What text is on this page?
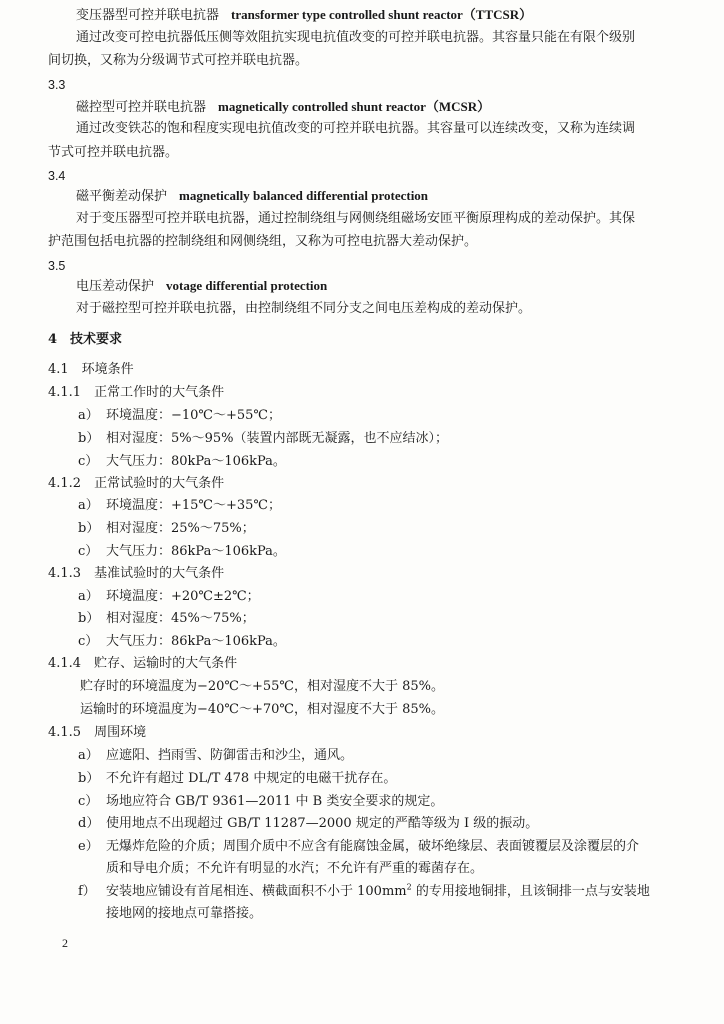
变压器型可控并联电抗器 transformer type controlled shunt reactor（TTCSR）
通过改变可控电抗器低压侧等效阻抗实现电抗值改变的可控并联电抗器。其容量只能在有限个级别
间切换，又称为分级调节式可控并联电抗器。
3.3
磁控型可控并联电抗器 magnetically controlled shunt reactor（MCSR）
通过改变铁芯的饱和程度实现电抗值改变的可控并联电抗器。其容量可以连续改变，又称为连续调
节式可控并联电抗器。
3.4
磁平衡差动保护 magnetically balanced differential protection
对于变压器型可控并联电抗器，通过控制绕组与网侧绕组磁场安匝平衡原理构成的差动保护。其保
护范围包括电抗器的控制绕组和网侧绕组，又称为可控电抗器大差动保护。
3.5
电压差动保护 votage differential protection
对于磁控型可控并联电抗器，由控制绕组不同分支之间电压差构成的差动保护。
4　技术要求
4.1　环境条件
4.1.1　正常工作时的大气条件
a） 环境温度：−10℃～+55℃；
b） 相对湿度：5%～95%（装置内部既无凝露，也不应结冰）；
c） 大气压力：80kPa～106kPa。
4.1.2　正常试验时的大气条件
a） 环境温度：+15℃～+35℃；
b） 相对湿度：25%～75%；
c） 大气压力：86kPa～106kPa。
4.1.3　基准试验时的大气条件
a） 环境温度：+20℃±2℃；
b） 相对湿度：45%～75%；
c） 大气压力：86kPa～106kPa。
4.1.4　贮存、运输时的大气条件
贮存时的环境温度为−20℃～+55℃，相对湿度不大于 85%。
运输时的环境温度为−40℃～+70℃，相对湿度不大于 85%。
4.1.5　周围环境
a） 应遮阳、挡雨雪、防御雷击和沙尘，通风。
b） 不允许有超过 DL/T 478 中规定的电磁干扰存在。
c） 场地应符合 GB/T 9361—2011 中 B 类安全要求的规定。
d） 使用地点不出现超过 GB/T 11287—2000 规定的严酷等级为 I 级的振动。
e） 无爆炸危险的介质；周围介质中不应含有能腐蚀金属，破坏绝缘层、表面镀覆层及涂覆层的介
质和导电介质；不允许有明显的水汽；不允许有严重的霉菌存在。
f） 安装地应铺设有首尾相连、横截面积不小于 $100mm^2$ 的专用接地铜排，且该铜排一点与安装地
接地网的接地点可靠搭接。
2
